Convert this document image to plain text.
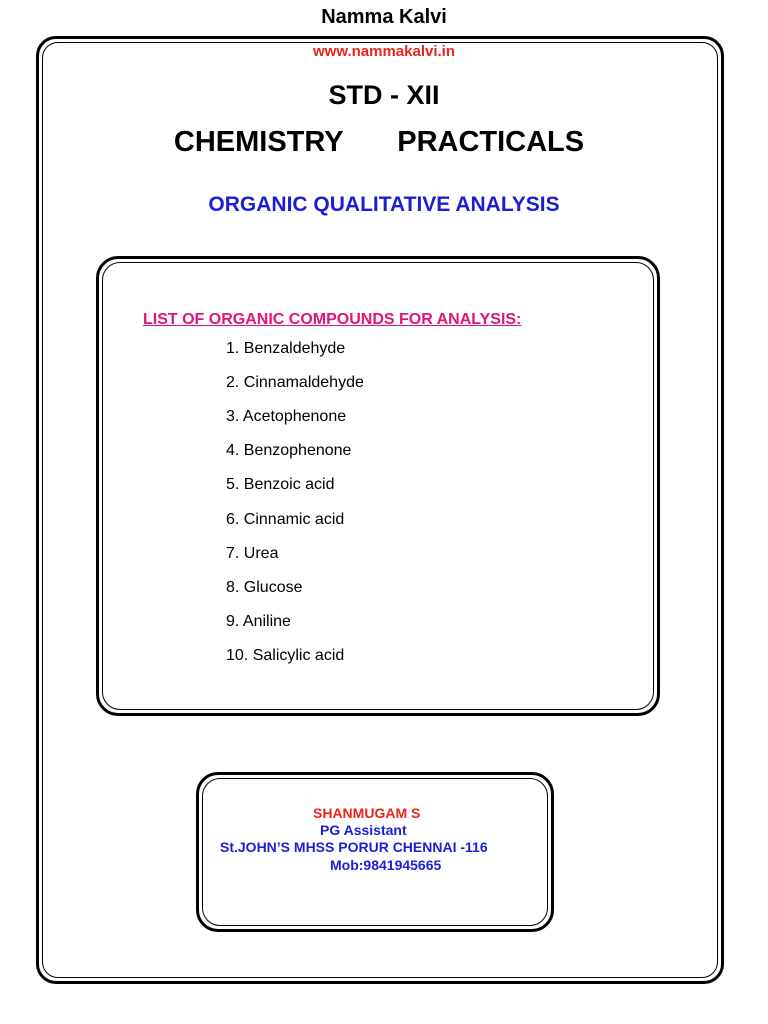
Namma Kalvi
www.nammakalvi.in
STD - XII
CHEMISTRY   PRACTICALS
ORGANIC QUALITATIVE ANALYSIS
LIST OF ORGANIC COMPOUNDS FOR ANALYSIS:
1. Benzaldehyde
2. Cinnamaldehyde
3. Acetophenone
4. Benzophenone
5. Benzoic acid
6. Cinnamic acid
7. Urea
8. Glucose
9. Aniline
10. Salicylic acid
SHANMUGAM S
PG Assistant
St.JOHN’S MHSS PORUR CHENNAI -116
Mob:9841945665
